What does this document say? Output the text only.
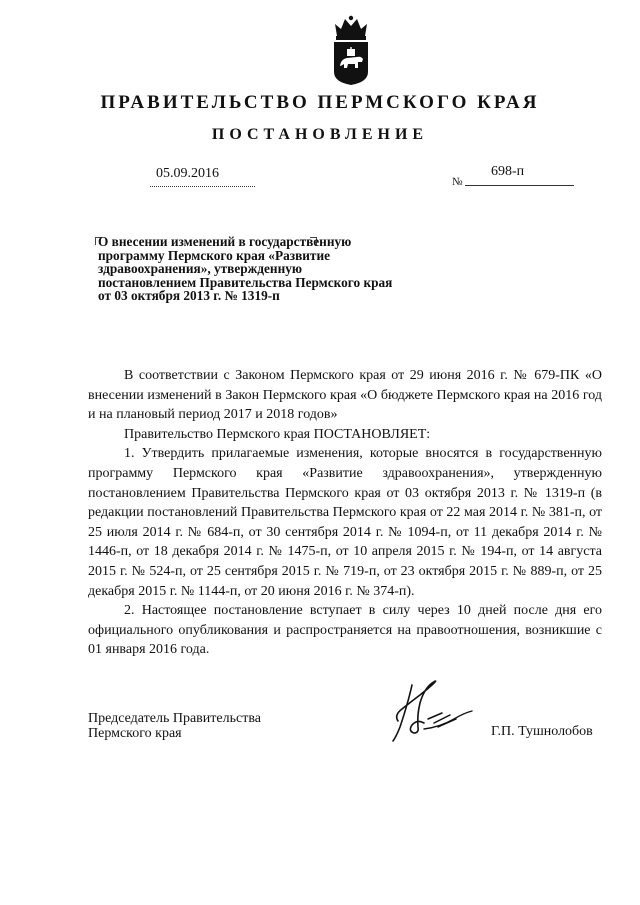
ПРАВИТЕЛЬСТВО ПЕРМСКОГО КРАЯ
ПОСТАНОВЛЕНИЕ
05.09.2016
№
698-п
О внесении изменений в государственную программу Пермского края «Развитие здравоохранения», утвержденную постановлением Правительства Пермского края от 03 октября 2013 г. № 1319-п

В соответствии с Законом Пермского края от 29 июня 2016 г. № 679-ПК «О внесении изменений в Закон Пермского края «О бюджете Пермского края на 2016 год и на плановый период 2017 и 2018 годов»

Правительство Пермского края ПОСТАНОВЛЯЕТ:

1. Утвердить прилагаемые изменения, которые вносятся в государственную программу Пермского края «Развитие здравоохранения», утвержденную постановлением Правительства Пермского края от 03 октября 2013 г. № 1319-п (в редакции постановлений Правительства Пермского края от 22 мая 2014 г. № 381-п, от 25 июля 2014 г. № 684-п, от 30 сентября 2014 г. № 1094-п, от 11 декабря 2014 г. № 1446-п, от 18 декабря 2014 г. № 1475-п, от 10 апреля 2015 г. № 194-п, от 14 августа 2015 г. № 524-п, от 25 сентября 2015 г. № 719-п, от 23 октября 2015 г. № 889-п, от 25 декабря 2015 г. № 1144-п, от 20 июня 2016 г. № 374-п).

2. Настоящее постановление вступает в силу через 10 дней после дня его официального опубликования и распространяется на правоотношения, возникшие с 01 января 2016 года.

Председатель Правительства
Пермского края	Г.П. Тушнолобов
